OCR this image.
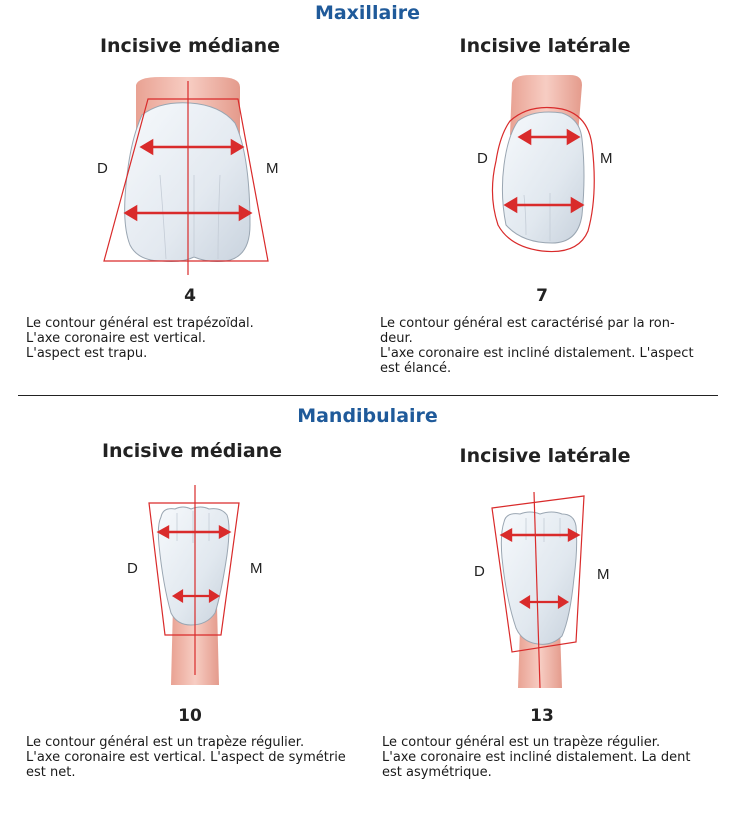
Maxillaire
Incisive médiane
D	M
4
Le contour général est trapézoïdal.
L'axe coronaire est vertical.
L'aspect est trapu.
Incisive latérale
D	M
7
Le contour général est caractérisé par la ron-
deur.
L'axe coronaire est incliné distalement. L'aspect
est élancé.
Mandibulaire
Incisive médiane
D	M
10
Le contour général est un trapèze régulier.
L'axe coronaire est vertical. L'aspect de symétrie
est net.
Incisive latérale
D	M
13
Le contour général est un trapèze régulier.
L'axe coronaire est incliné distalement. La dent
est asymétrique.
